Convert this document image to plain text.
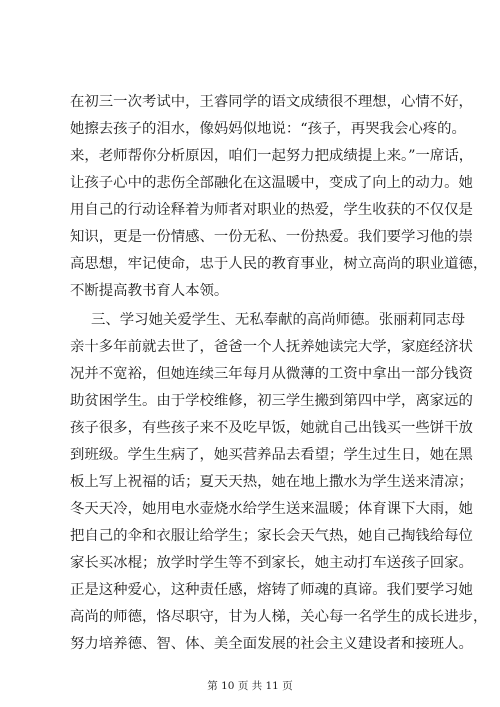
在初三一次考试中，王睿同学的语文成绩很不理想，心情不好，
她擦去孩子的泪水，像妈妈似地说：“孩子，再哭我会心疼的。
来，老师帮你分析原因，咱们一起努力把成绩提上来。”一席话，
让孩子心中的悲伤全部融化在这温暖中，变成了向上的动力。她
用自己的行动诠释着为师者对职业的热爱，学生收获的不仅仅是
知识，更是一份情感、一份无私、一份热爱。我们要学习他的崇
高思想，牢记使命，忠于人民的教育事业，树立高尚的职业道德，
不断提高教书育人本领。
三、学习她关爱学生、无私奉献的高尚师德。张丽莉同志母
亲十多年前就去世了，爸爸一个人抚养她读完大学，家庭经济状
况并不宽裕，但她连续三年每月从微薄的工资中拿出一部分钱资
助贫困学生。由于学校维修，初三学生搬到第四中学，离家远的
孩子很多，有些孩子来不及吃早饭，她就自己出钱买一些饼干放
到班级。学生生病了，她买营养品去看望；学生过生日，她在黑
板上写上祝福的话；夏天天热，她在地上撒水为学生送来清凉；
冬天天冷，她用电水壶烧水给学生送来温暖；体育课下大雨，她
把自己的伞和衣服让给学生；家长会天气热，她自己掏钱给每位
家长买冰棍；放学时学生等不到家长，她主动打车送孩子回家。
正是这种爱心，这种责任感，熔铸了师魂的真谛。我们要学习她
高尚的师德，恪尽职守，甘为人梯，关心每一名学生的成长进步，
努力培养德、智、体、美全面发展的社会主义建设者和接班人。
第 10 页 共 11 页
